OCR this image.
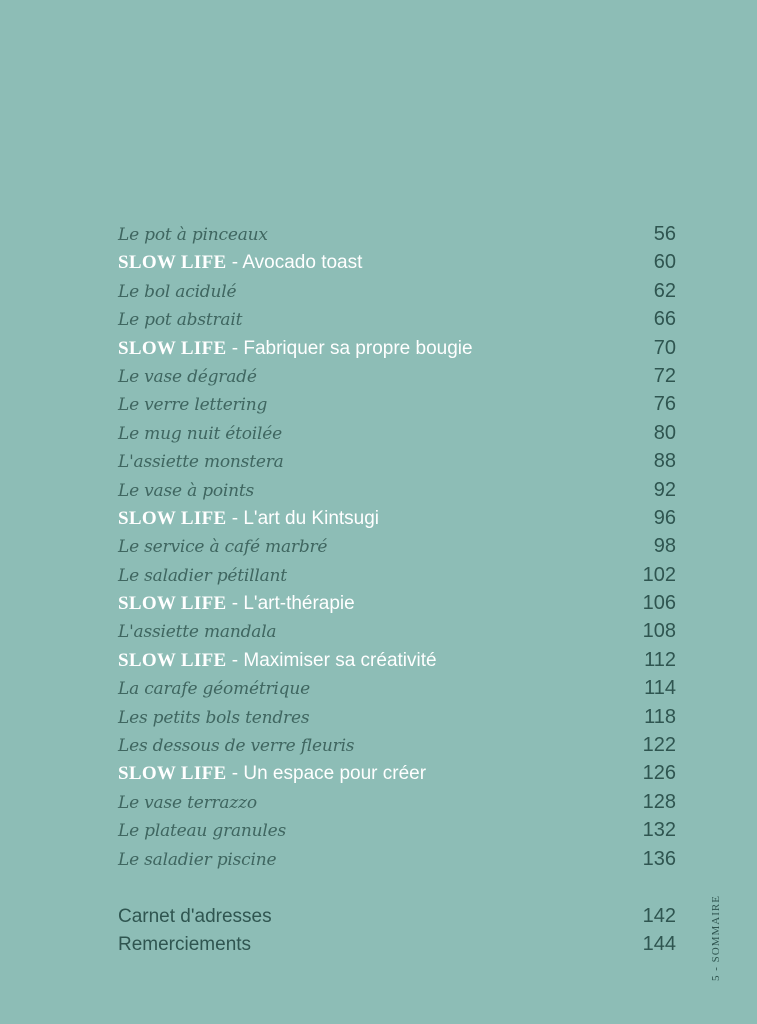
Le pot à pinceaux	56
SLOW LIFE - Avocado toast	60
Le bol acidulé	62
Le pot abstrait	66
SLOW LIFE - Fabriquer sa propre bougie	70
Le vase dégradé	72
Le verre lettering	76
Le mug nuit étoilée	80
L'assiette monstera	88
Le vase à points	92
SLOW LIFE - L'art du Kintsugi	96
Le service à café marbré	98
Le saladier pétillant	102
SLOW LIFE - L'art-thérapie	106
L'assiette mandala	108
SLOW LIFE - Maximiser sa créativité	112
La carafe géométrique	114
Les petits bols tendres	118
Les dessous de verre fleuris	122
SLOW LIFE - Un espace pour créer	126
Le vase terrazzo	128
Le plateau granules	132
Le saladier piscine	136
Carnet d'adresses	142
Remerciements	144
5 - SOMMAIRE
